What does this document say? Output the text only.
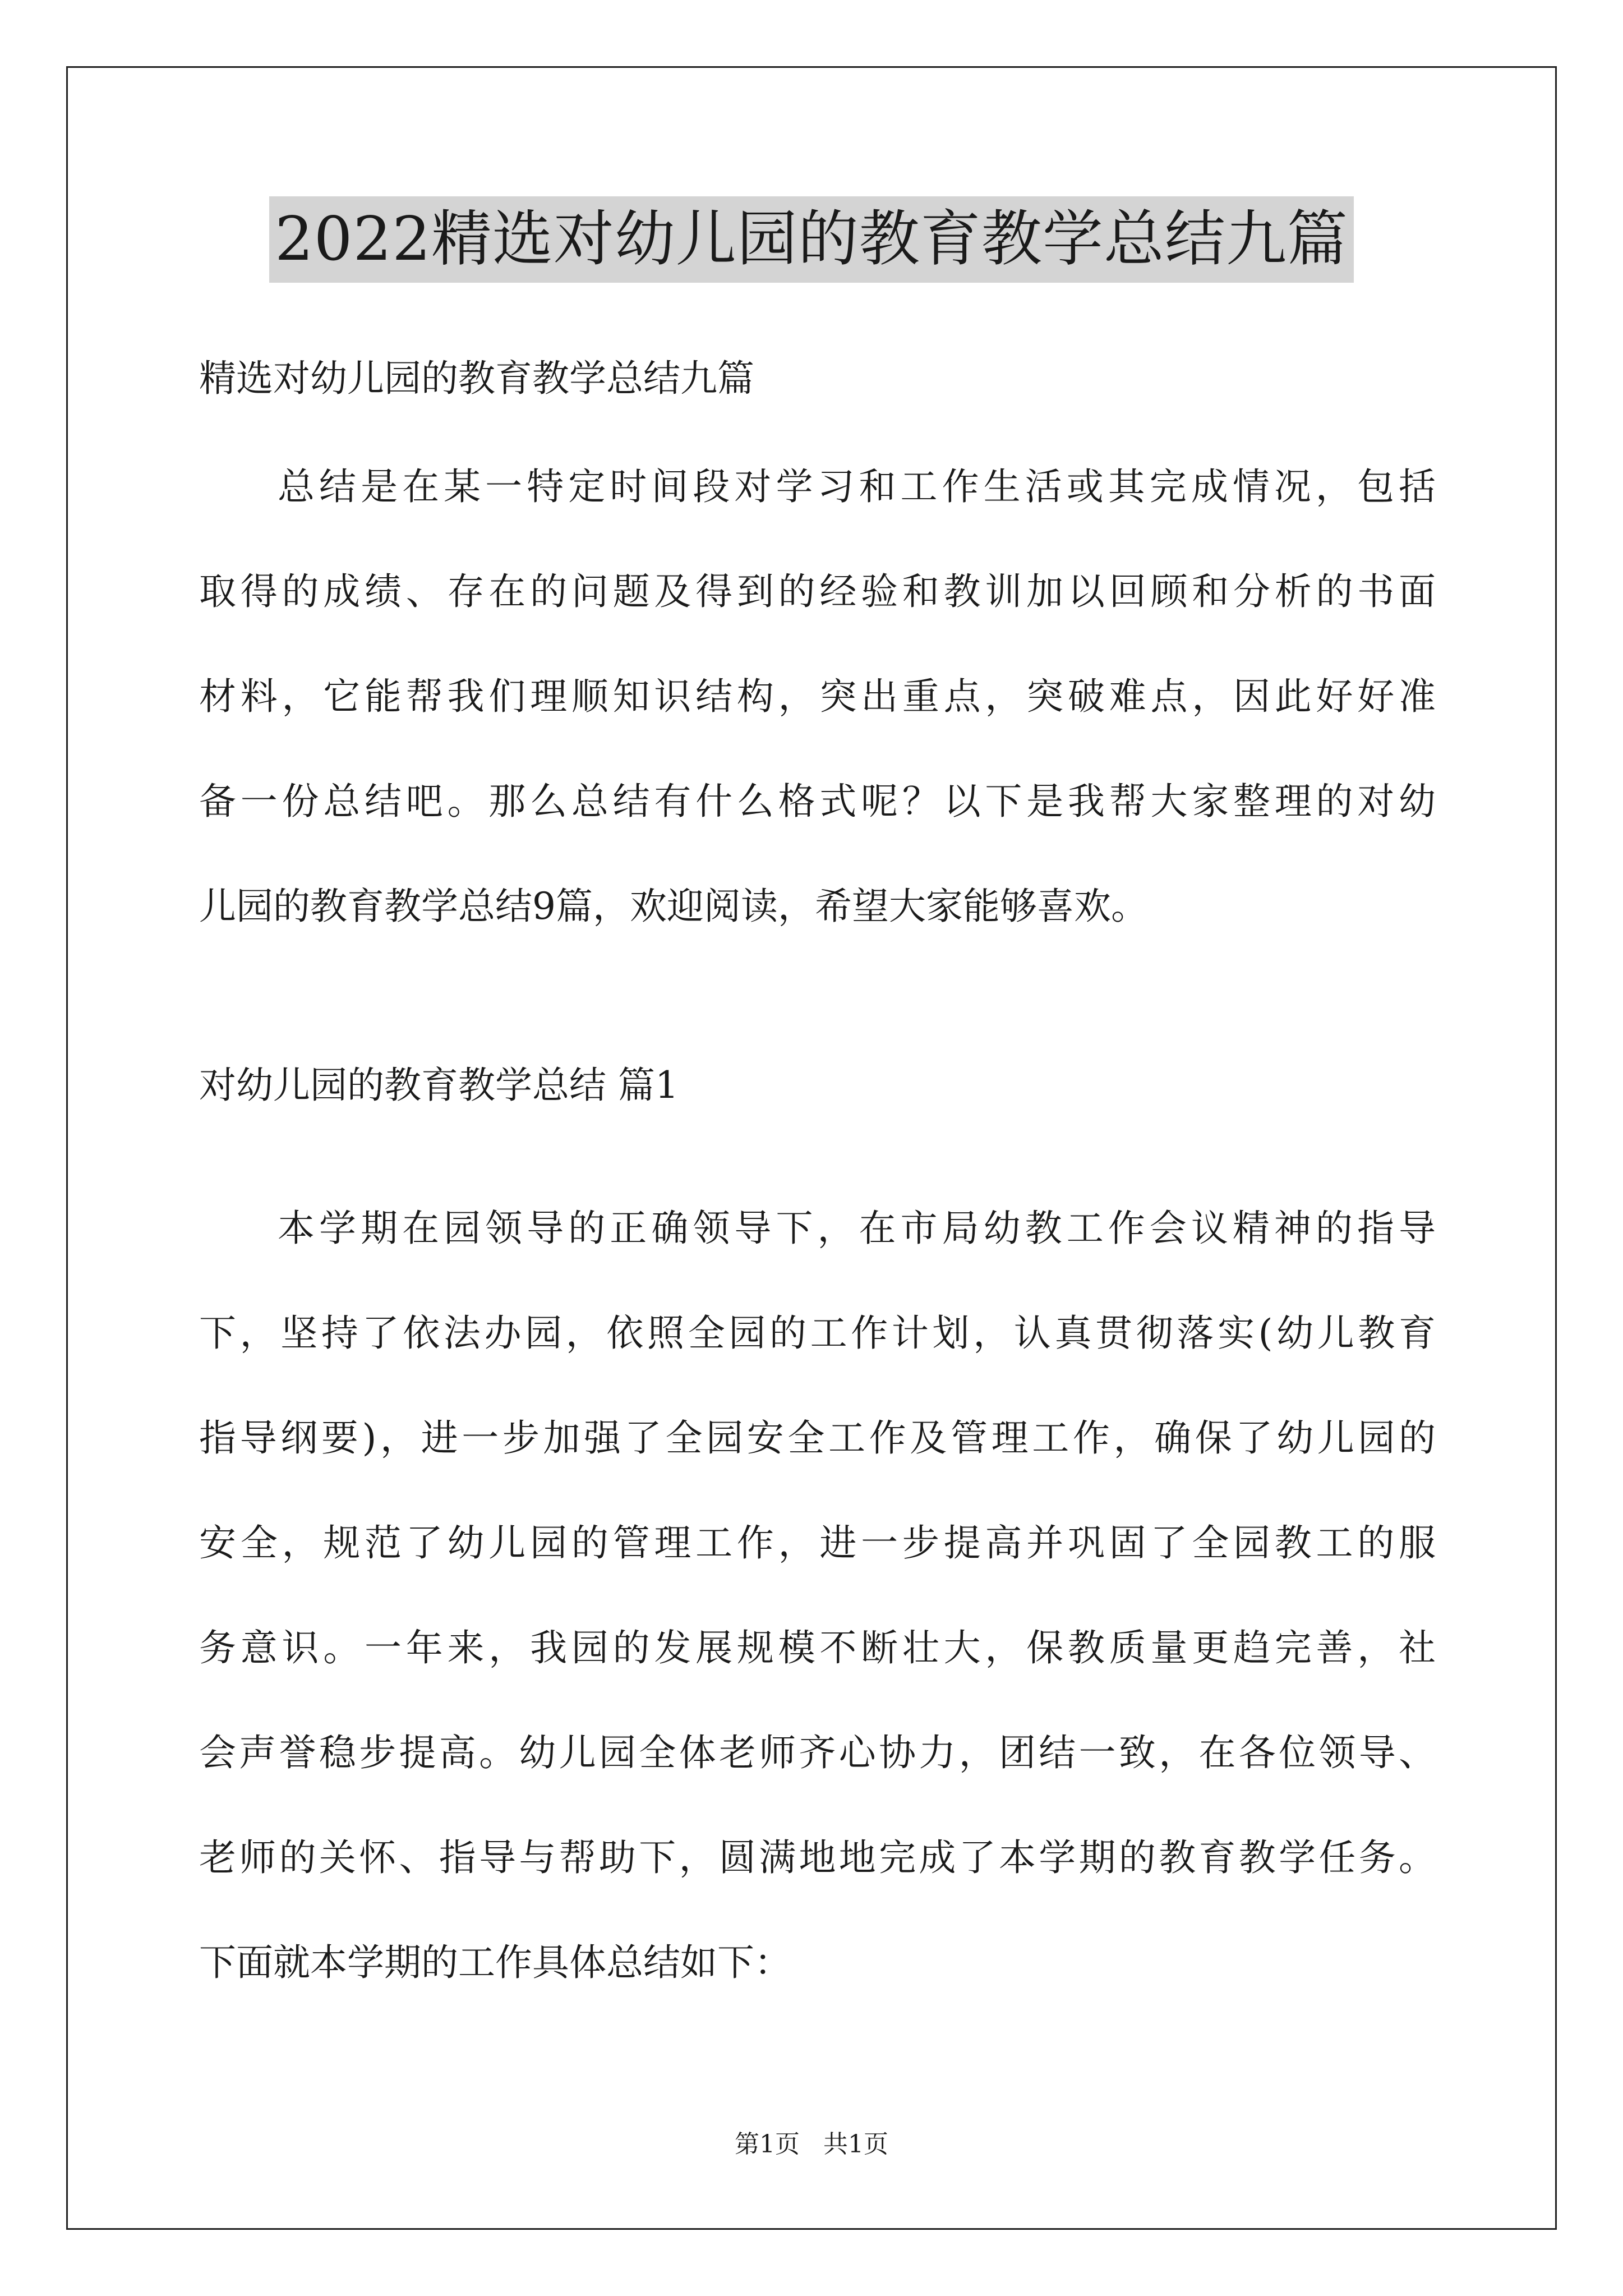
2022精选对幼儿园的教育教学总结九篇

精选对幼儿园的教育教学总结九篇

总结是在某一特定时间段对学习和工作生活或其完成情况，包括

取得的成绩、存在的问题及得到的经验和教训加以回顾和分析的书面

材料，它能帮我们理顺知识结构，突出重点，突破难点，因此好好准

备一份总结吧。那么总结有什么格式呢？以下是我帮大家整理的对幼

儿园的教育教学总结9篇，欢迎阅读，希望大家能够喜欢。

对幼儿园的教育教学总结 篇1

本学期在园领导的正确领导下，在市局幼教工作会议精神的指导

下，坚持了依法办园，依照全园的工作计划，认真贯彻落实(幼儿教育

指导纲要)，进一步加强了全园安全工作及管理工作，确保了幼儿园的

安全，规范了幼儿园的管理工作，进一步提高并巩固了全园教工的服

务意识。一年来，我园的发展规模不断壮大，保教质量更趋完善，社

会声誉稳步提高。幼儿园全体老师齐心协力，团结一致，在各位领导、

老师的关怀、指导与帮助下，圆满地地完成了本学期的教育教学任务。

下面就本学期的工作具体总结如下：

第1页 共1页
